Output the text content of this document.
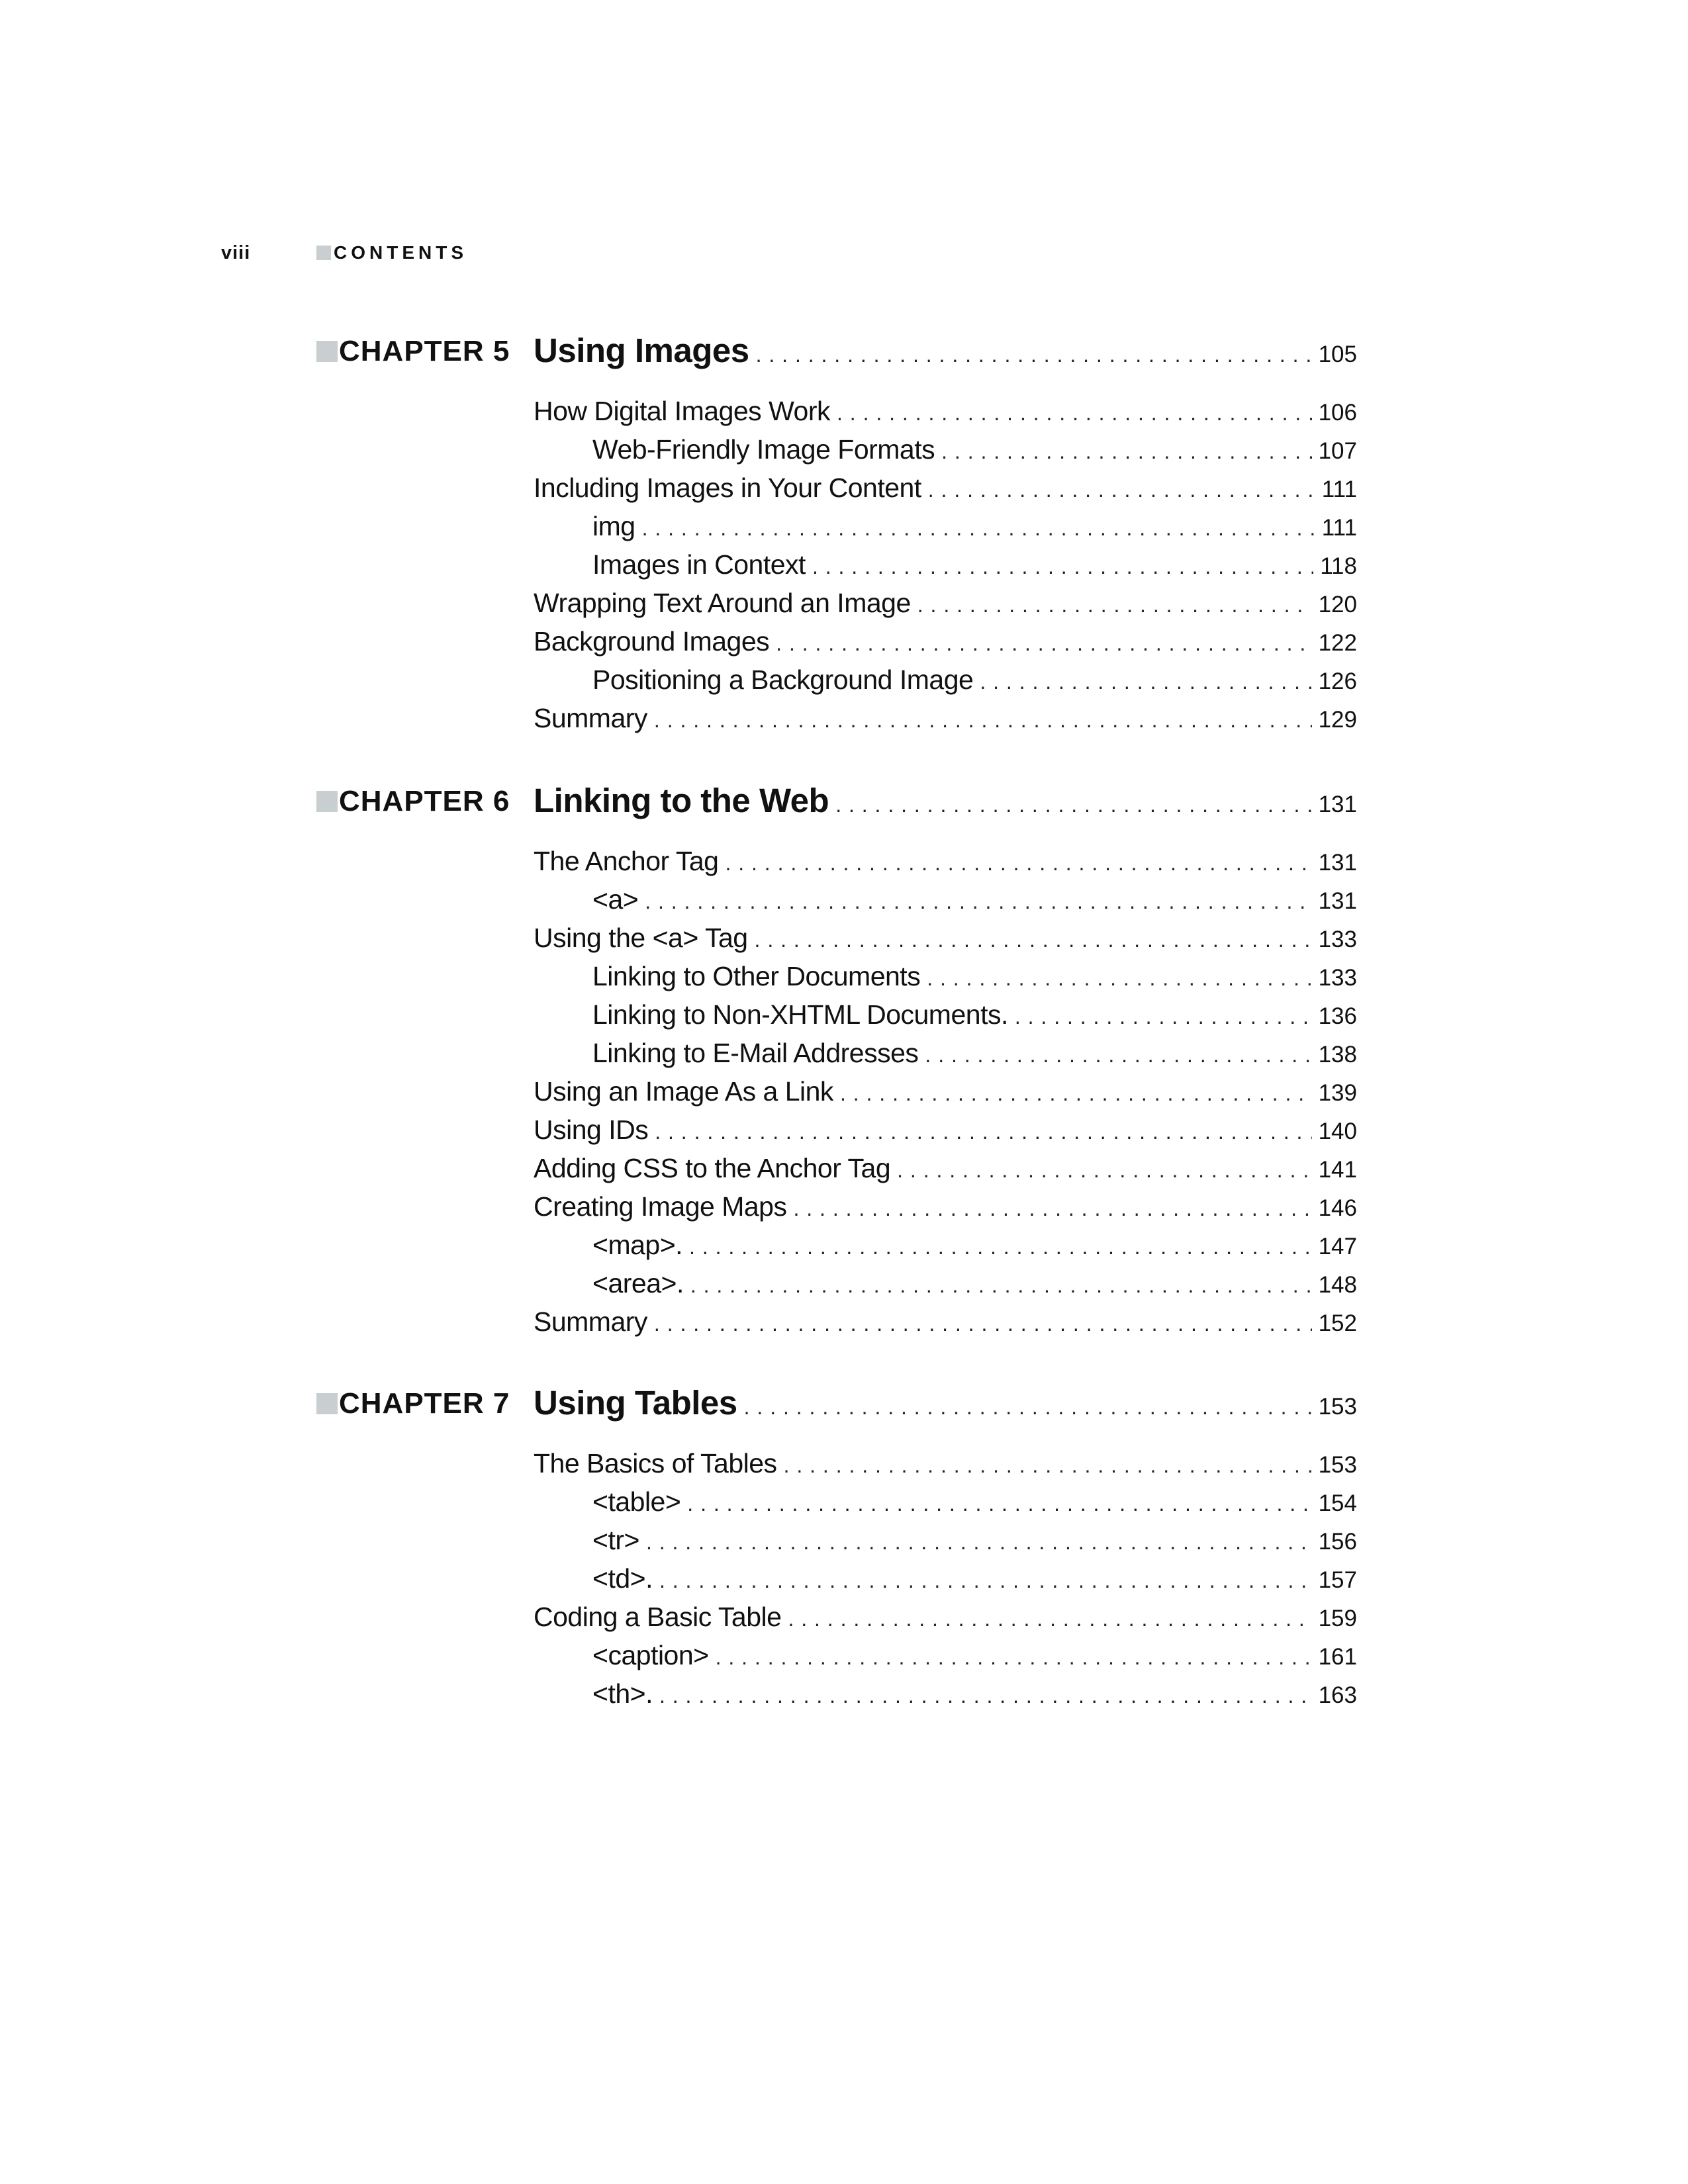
viii	CONTENTS
CHAPTER 5 Using Images . . .	105
How Digital Images Work . . .	106
Web-Friendly Image Formats . . .	107
Including Images in Your Content . . .	111
img . . .	111
Images in Context . . .	118
Wrapping Text Around an Image . . .	120
Background Images . . .	122
Positioning a Background Image . . .	126
Summary . . .	129
CHAPTER 6 Linking to the Web . . .	131
The Anchor Tag . . .	131
<a> . . .	131
Using the <a> Tag . . .	133
Linking to Other Documents . . .	133
Linking to Non-XHTML Documents. . . .	136
Linking to E-Mail Addresses . . .	138
Using an Image As a Link . . .	139
Using IDs . . .	140
Adding CSS to the Anchor Tag . . .	141
Creating Image Maps . . .	146
<map>. . . .	147
<area>. . . .	148
Summary . . .	152
CHAPTER 7 Using Tables . . .	153
The Basics of Tables . . .	153
<table> . . .	154
<tr> . . .	156
<td>. . . .	157
Coding a Basic Table . . .	159
<caption> . . .	161
<th>. . . .	163
